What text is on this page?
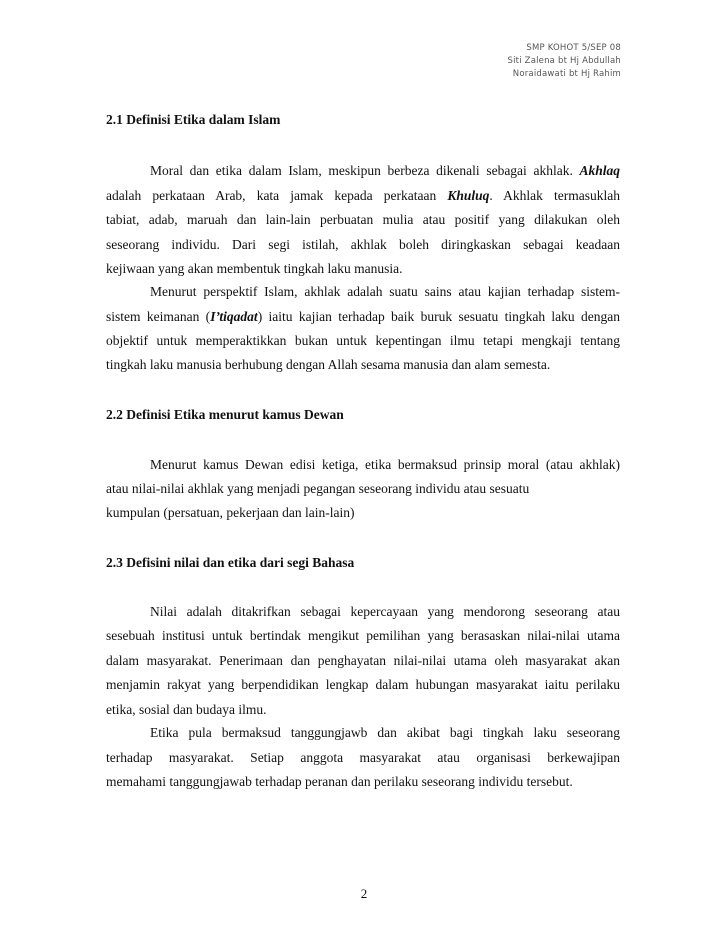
SMP KOHOT 5/SEP 08
Siti Zalena bt Hj Abdullah
Noraidawati bt Hj Rahim
2.1 Definisi Etika dalam Islam
Moral dan etika dalam Islam, meskipun berbeza dikenali sebagai akhlak. Akhlaq
adalah perkataan Arab, kata jamak kepada perkataan Khuluq. Akhlak termasuklah
tabiat, adab, maruah dan lain-lain perbuatan mulia atau positif yang dilakukan oleh
seseorang individu. Dari segi istilah, akhlak boleh diringkaskan sebagai keadaan
kejiwaan yang akan membentuk tingkah laku manusia.
Menurut perspektif Islam, akhlak adalah suatu sains atau kajian terhadap sistem-
sistem keimanan (I’tiqadat) iaitu kajian terhadap baik buruk sesuatu tingkah laku dengan
objektif untuk memperaktikkan bukan untuk kepentingan ilmu tetapi mengkaji tentang
tingkah laku manusia berhubung dengan Allah sesama manusia dan alam semesta.
2.2 Definisi Etika menurut kamus Dewan
Menurut kamus Dewan edisi ketiga, etika bermaksud prinsip moral (atau akhlak)
atau nilai-nilai akhlak yang menjadi pegangan seseorang individu atau sesuatu
kumpulan (persatuan, pekerjaan dan lain-lain)
2.3 Defisini nilai dan etika dari segi Bahasa
Nilai adalah ditakrifkan sebagai kepercayaan yang mendorong seseorang atau
sesebuah institusi untuk bertindak mengikut pemilihan yang berasaskan nilai-nilai utama
dalam masyarakat. Penerimaan dan penghayatan nilai-nilai utama oleh masyarakat akan
menjamin rakyat yang berpendidikan lengkap dalam hubungan masyarakat iaitu perilaku
etika, sosial dan budaya ilmu.
Etika pula bermaksud tanggungjawb dan akibat bagi tingkah laku seseorang
terhadap masyarakat. Setiap anggota masyarakat atau organisasi berkewajipan
memahami tanggungjawab terhadap peranan dan perilaku seseorang individu tersebut.
2
